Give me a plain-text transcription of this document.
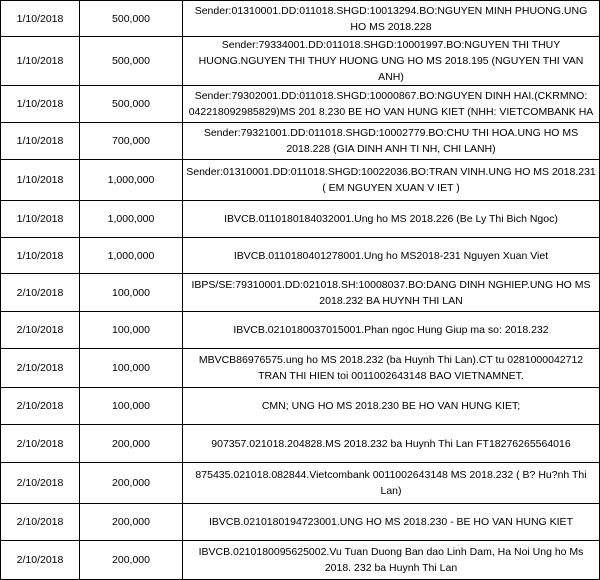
1/10/2018	500,000	Sender:01310001.DD:011018.SHGD:10013294.BO:NGUYEN MINH PHUONG.UNG HO MS 2018.228
1/10/2018	500,000	Sender:79334001.DD:011018.SHGD:10001997.BO:NGUYEN THI THUY HUONG.NGUYEN THI THUY HUONG UNG HO MS 2018.195 (NGUYEN THI VAN ANH)
1/10/2018	500,000	Sender:79302001.DD:011018.SHGD:10000867.BO:NGUYEN DINH HAI.(CKRMNO: 042218092985829)MS 201 8.230 BE HO VAN HUNG KIET (NHH: VIETCOMBANK HA
1/10/2018	700,000	Sender:79321001.DD:011018.SHGD:10002779.BO:CHU THI HOA.UNG HO MS 2018.228 (GIA DINH ANH TI NH, CHI LANH)
1/10/2018	1,000,000	Sender:01310001.DD:011018.SHGD:10022036.BO:TRAN VINH.UNG HO MS 2018.231 ( EM NGUYEN XUAN V IET )
1/10/2018	1,000,000	IBVCB.0110180184032001.Ung ho MS 2018.226 (Be Ly Thi Bich Ngoc)
1/10/2018	1,000,000	IBVCB.0110180401278001.Ung ho MS2018-231 Nguyen Xuan Viet
2/10/2018	100,000	IBPS/SE:79310001.DD:021018.SH:10008037.BO:DANG DINH NGHIEP.UNG HO MS 2018.232 BA HUYNH THI LAN
2/10/2018	100,000	IBVCB.0210180037015001.Phan ngoc Hung Giup ma so: 2018.232
2/10/2018	100,000	MBVCB86976575.ung ho MS 2018.232 (ba Huynh Thi Lan).CT tu 0281000042712 TRAN THI HIEN toi 0011002643148 BAO VIETNAMNET.
2/10/2018	100,000	CMN; UNG HO MS 2018.230 BE HO VAN HUNG KIET;
2/10/2018	200,000	907357.021018.204828.MS 2018.232 ba Huynh Thi Lan FT18276265564016
2/10/2018	200,000	875435.021018.082844.Vietcombank 0011002643148 MS 2018.232 ( B? Hu?nh Thi Lan)
2/10/2018	200,000	IBVCB.0210180194723001.UNG HO MS 2018.230 - BE HO VAN HUNG KIET
2/10/2018	200,000	IBVCB.0210180095625002.Vu Tuan Duong Ban dao Linh Dam, Ha Noi Ung ho Ms 2018. 232 ba Huynh Thi Lan
